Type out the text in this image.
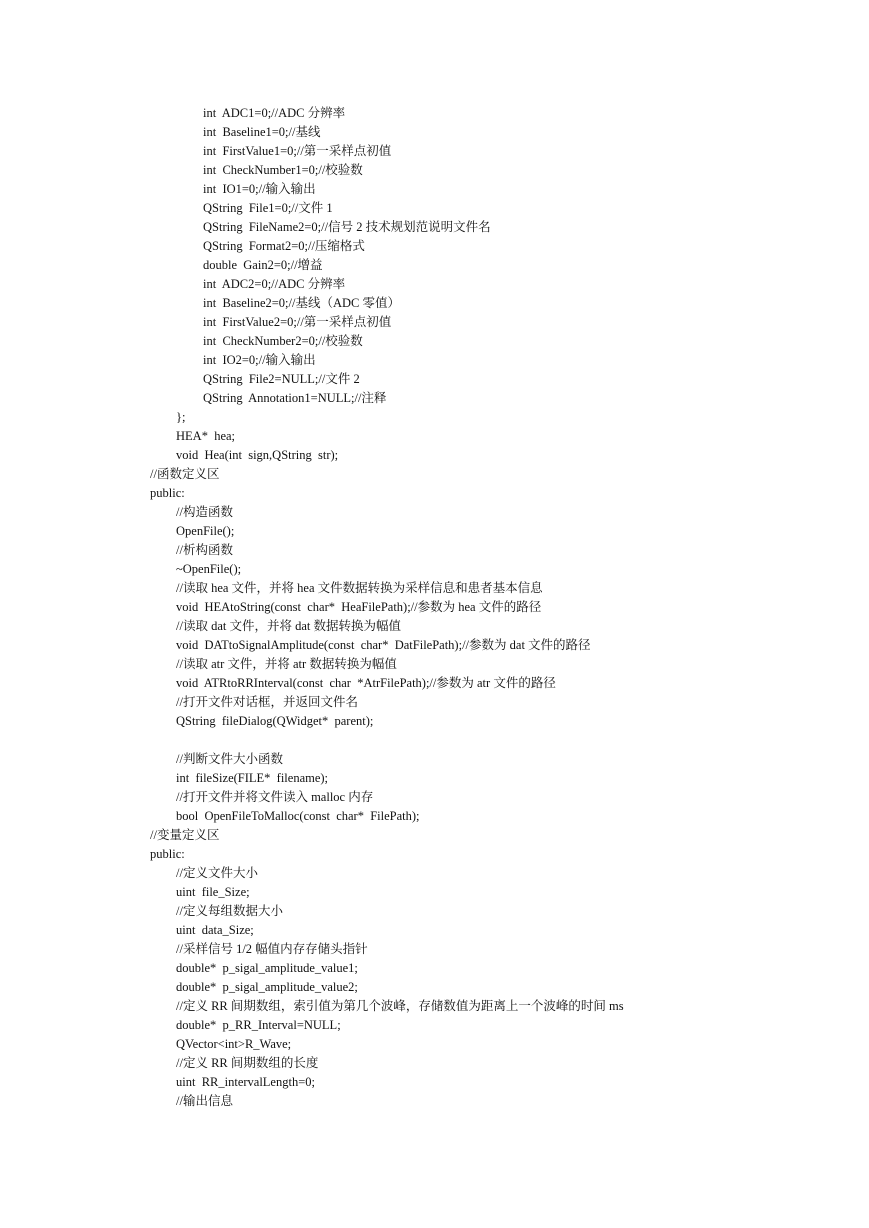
int  ADC1=0;//ADC 分辨率
int  Baseline1=0;//基线
int  FirstValue1=0;//第一采样点初值
int  CheckNumber1=0;//校验数
int  IO1=0;//输入输出
QString  File1=0;//文件 1
QString  FileName2=0;//信号 2 技术规划范说明文件名
QString  Format2=0;//压缩格式
double  Gain2=0;//增益
int  ADC2=0;//ADC 分辨率
int  Baseline2=0;//基线（ADC 零值）
int  FirstValue2=0;//第一采样点初值
int  CheckNumber2=0;//校验数
int  IO2=0;//输入输出
QString  File2=NULL;//文件 2
QString  Annotation1=NULL;//注释
};
HEA*  hea;
void  Hea(int  sign,QString  str);
//函数定义区
public:
//构造函数
OpenFile();
//析构函数
~OpenFile();
//读取 hea 文件，并将 hea 文件数据转换为采样信息和患者基本信息
void  HEAtoString(const  char*  HeaFilePath);//参数为 hea 文件的路径
//读取 dat 文件，并将 dat 数据转换为幅值
void  DATtoSignalAmplitude(const  char*  DatFilePath);//参数为 dat 文件的路径
//读取 atr 文件，并将 atr 数据转换为幅值
void  ATRtoRRInterval(const  char  *AtrFilePath);//参数为 atr 文件的路径
//打开文件对话框，并返回文件名
QString  fileDialog(QWidget*  parent);
//判断文件大小函数
int  fileSize(FILE*  filename);
//打开文件并将文件读入 malloc 内存
bool  OpenFileToMalloc(const  char*  FilePath);
//变量定义区
public:
//定义文件大小
uint  file_Size;
//定义每组数据大小
uint  data_Size;
//采样信号 1/2 幅值内存存储头指针
double*  p_sigal_amplitude_value1;
double*  p_sigal_amplitude_value2;
//定义 RR 间期数组，索引值为第几个波峰，存储数值为距离上一个波峰的时间 ms
double*  p_RR_Interval=NULL;
QVector<int>R_Wave;
//定义 RR 间期数组的长度
uint  RR_intervalLength=0;
//输出信息
